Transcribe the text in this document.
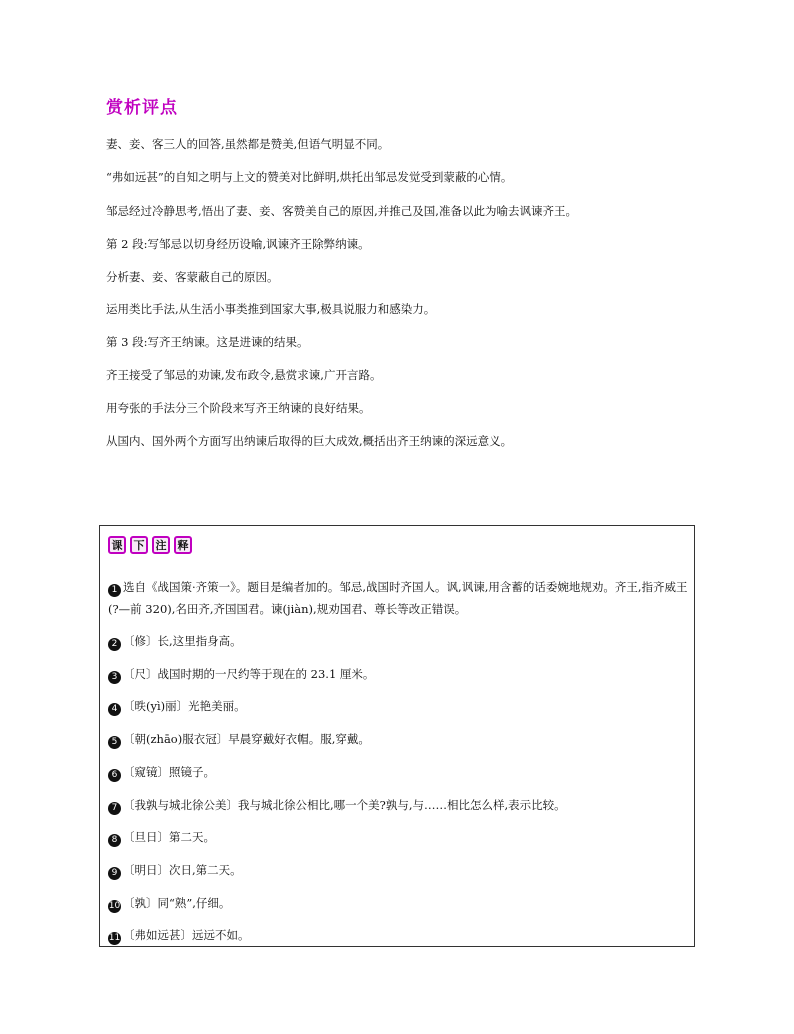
赏析评点
妻、妾、客三人的回答,虽然都是赞美,但语气明显不同。
“弗如远甚”的自知之明与上文的赞美对比鲜明,烘托出邹忌发觉受到蒙蔽的心情。
邹忌经过冷静思考,悟出了妻、妾、客赞美自己的原因,并推己及国,准备以此为喻去讽谏齐王。
第 2 段:写邹忌以切身经历设喻,讽谏齐王除弊纳谏。
分析妻、妾、客蒙蔽自己的原因。
运用类比手法,从生活小事类推到国家大事,极具说服力和感染力。
第 3 段:写齐王纳谏。这是进谏的结果。
齐王接受了邹忌的劝谏,发布政令,悬赏求谏,广开言路。
用夸张的手法分三个阶段来写齐王纳谏的良好结果。
从国内、国外两个方面写出纳谏后取得的巨大成效,概括出齐王纳谏的深远意义。
课	下	注	释
1 选自《战国策·齐策一》。题目是编者加的。邹忌,战国时齐国人。讽,讽谏,用含蓄的话委婉地规劝。齐王,指齐威王(?—前 320),名田齐,齐国国君。谏(jiàn),规劝国君、尊长等改正错误。
2 〔修〕长,这里指身高。
3 〔尺〕战国时期的一尺约等于现在的 23.1 厘米。
4 〔昳(yì)丽〕光艳美丽。
5 〔朝(zhāo)服衣冠〕早晨穿戴好衣帽。服,穿戴。
6 〔窥镜〕照镜子。
7 〔我孰与城北徐公美〕我与城北徐公相比,哪一个美?孰与,与……相比怎么样,表示比较。
8 〔旦日〕第二天。
9 〔明日〕次日,第二天。
10 〔孰〕同“熟”,仔细。
11 〔弗如远甚〕远远不如。
